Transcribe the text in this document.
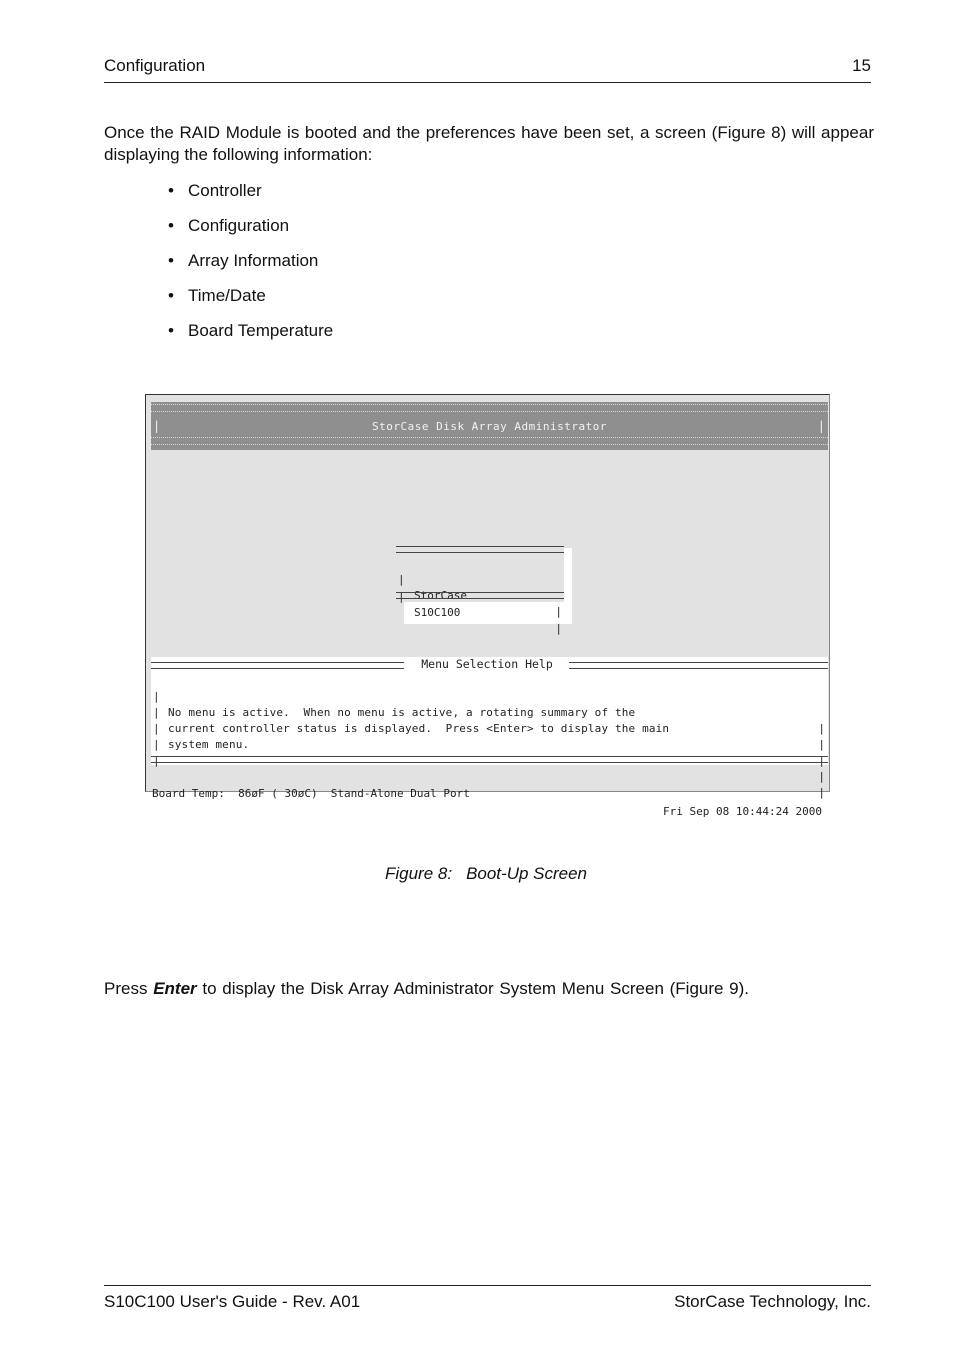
Configuration	15

Once the RAID Module is booted and the preferences have been set, a screen (Figure 8) will appear displaying the following information:

• Controller
• Configuration
• Array Information
• Time/Date
• Board Temperature
|	StorCase Disk Array Administrator	|

|

StorCase

|

|

S10C100

|

Menu Selection Help

|

No menu is active.  When no menu is active, a rotating summary of the

|

|

current controller status is displayed.  Press <Enter> to display the main

|

|

system menu.

|

|

|

|

|

Board Temp:  86øF ( 30øC)  Stand-Alone Dual Port

Fri Sep 08 10:44:24 2000

Figure 8: Boot-Up Screen
Press Enter to display the Disk Array Administrator System Menu Screen (Figure 9).
S10C100 User's Guide - Rev. A01	StorCase Technology, Inc.
